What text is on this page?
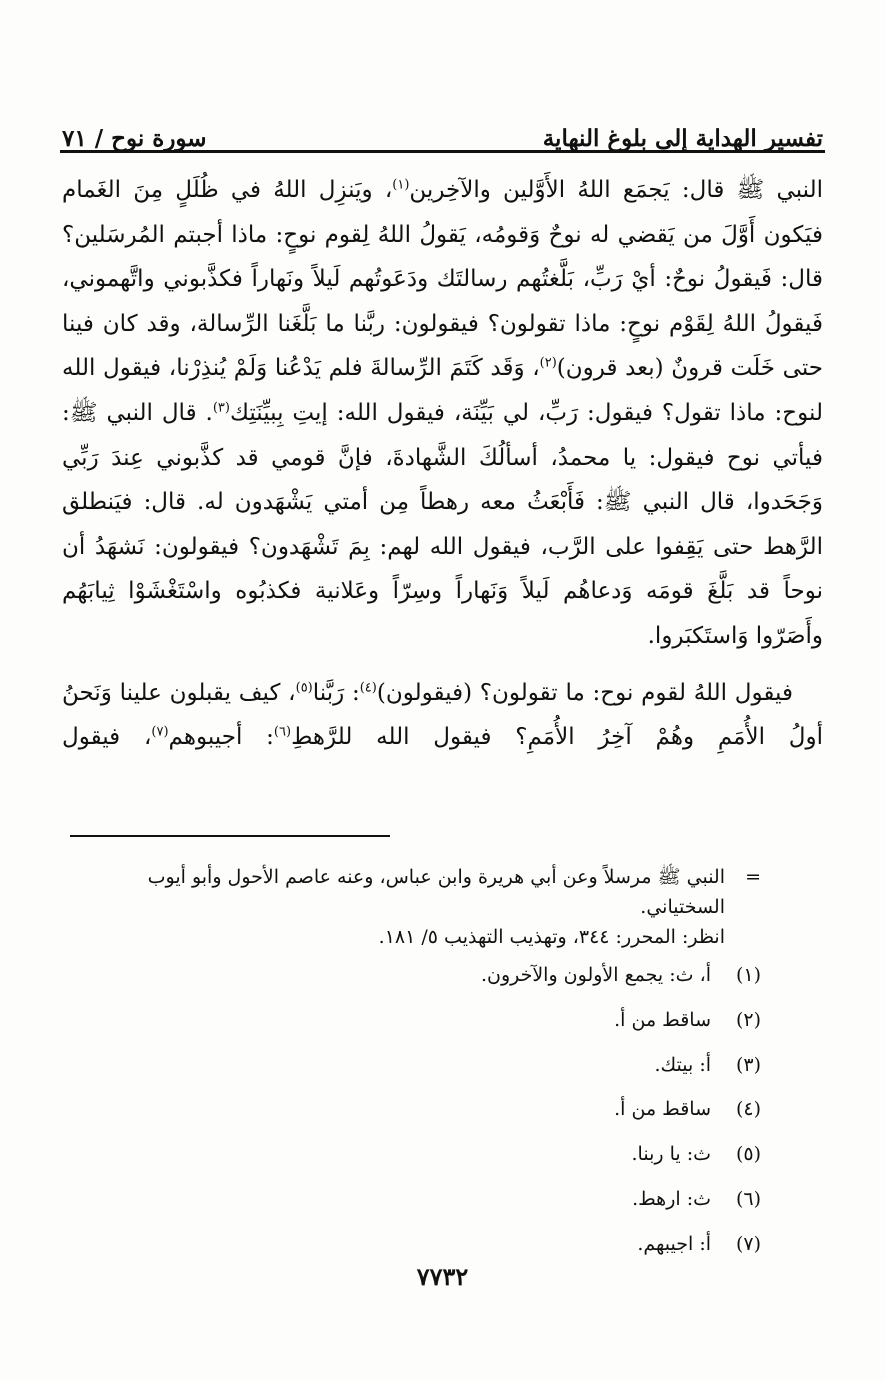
تفسير الهداية إلى بلوغ النهاية
سورة نوح / ٧١

النبي ﷺ قال: يَجمَع اللهُ الأَوَّلين والآخِرين$^{(١)}$، ويَنزِل اللهُ في ظُلَلٍ مِنَ الغَمام فيَكون أَوَّلَ من يَقضي له نوحٌ وَقومُه، يَقولُ اللهُ لِقوم نوحٍ: ماذا أجبتم المُرسَلين؟ قال: فَيقولُ نوحٌ: أيْ رَبِّ، بَلَّغتُهم رسالتَك ودَعَوتُهم لَيلاً ونَهاراً فكذَّبوني واتَّهموني، فَيقولُ اللهُ لِقَوْم نوحٍ: ماذا تقولون؟ فيقولون: ربَّنا ما بَلَّغَنا الرِّسالة، وقد كان فينا حتى خَلَت قرونٌ (بعد قرون)$^{(٢)}$، وَقَد كَتَمَ الرِّسالةَ فلم يَدْعُنا وَلَمْ يُنذِرْنا، فيقول الله لنوح: ماذا تقول؟ فيقول: رَبِّ، لي بَيِّنَة، فيقول الله: إيتِ بِبيِّنَتِك$^{(٣)}$. قال النبي ﷺ: فيأتي نوح فيقول: يا محمدُ، أسألُكَ الشَّهادةَ، فإنَّ قومي قد كذَّبوني عِندَ رَبِّي وَجَحَدوا، قال النبي ﷺ: فَأَبْعَثُ معه رهطاً مِن أمتي يَشْهَدون له. قال: فيَنطلق الرَّهط حتى يَقِفوا على الرَّب، فيقول الله لهم: بِمَ تَشْهَدون؟ فيقولون: نَشهَدُ أن نوحاً قد بَلَّغَ قومَه وَدعاهُم لَيلاً وَنَهاراً وسِرّاً وعَلانية فكذبُوه واسْتَغْشَوْا ثِيابَهُم وأَصَرّوا وَاستَكبَروا.

فيقول اللهُ لقوم نوح: ما تقولون؟ (فيقولون)$^{(٤)}$: رَبَّنا$^{(٥)}$، كيف يقبلون علينا وَنَحنُ أولُ الأُمَمِ وهُمْ آخِرُ الأُمَمِ؟ فيقول الله للرَّهطِ$^{(٦)}$: أجيبوهم$^{(٧)}$، فيقول

=
النبي ﷺ مرسلاً وعن أبي هريرة وابن عباس، وعنه عاصم الأحول وأبو أيوب السختياني.
انظر: المحرر: ٣٤٤، وتهذيب التهذيب ٥/ ١٨١.
(١)
أ، ث: يجمع الأولون والآخرون.
(٢)
ساقط من أ.
(٣)
أ: بيتك.
(٤)
ساقط من أ.
(٥)
ث: يا ربنا.
(٦)
ث: ارهط.
(٧)
أ: اجيبهم.
٧٧٣٢
